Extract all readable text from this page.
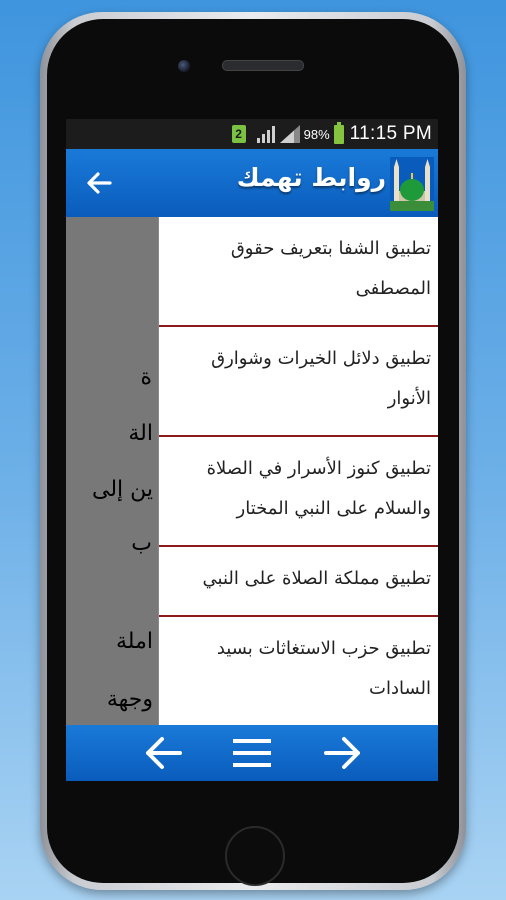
2	98% 11:15 PM
روابط تهمك
ة
الة
ين إلى
ب
املة
وجهة
تطبيق الشفا بتعريف حقوق
المصطفى
تطبيق دلائل الخيرات وشوارق
الأنوار
تطبيق كنوز الأسرار في الصلاة
والسلام على النبي المختار
تطبيق مملكة الصلاة على النبي
تطبيق حزب الاستغاثات بسيد
السادات
